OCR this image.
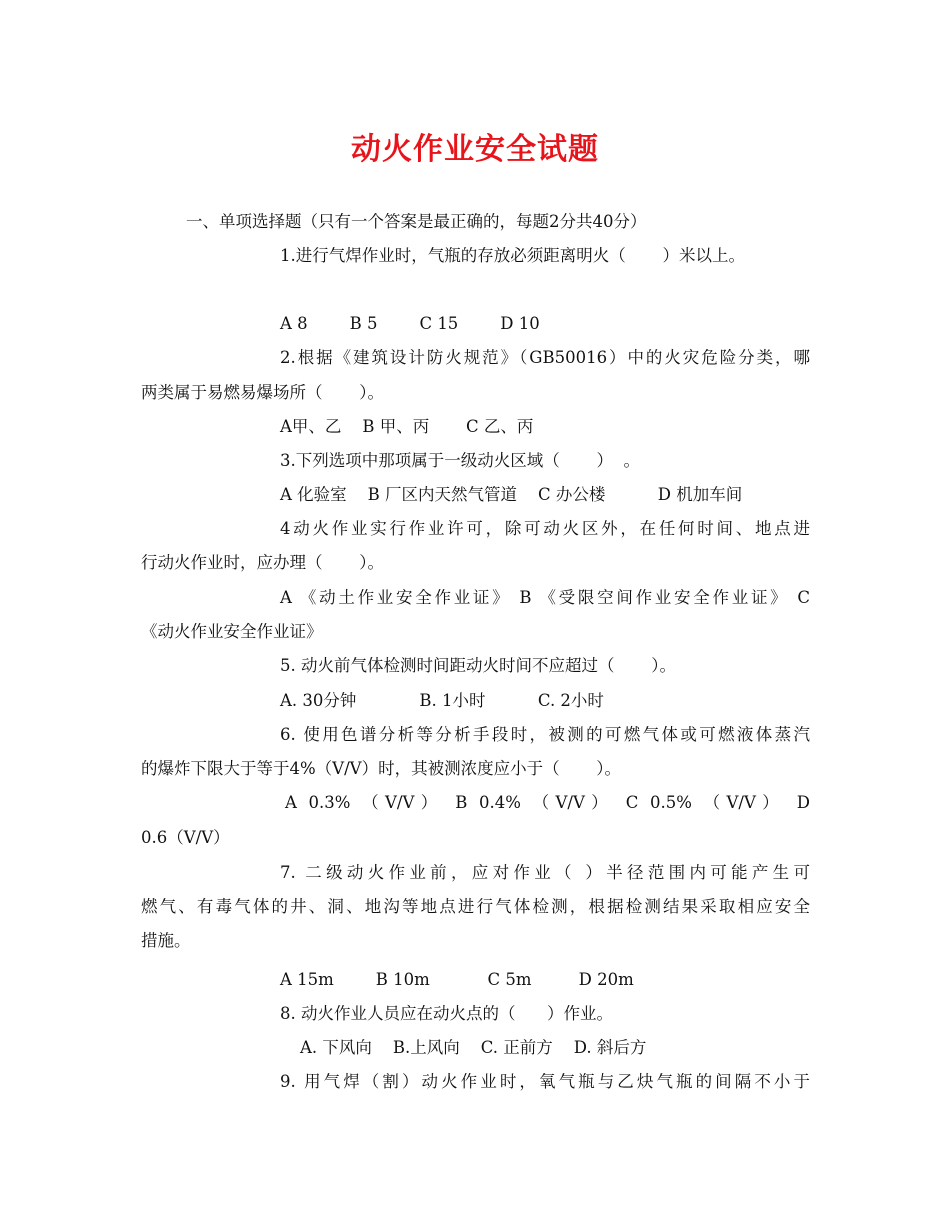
动火作业安全试题
一、单项选择题（只有一个答案是最正确的，每题2分共40分）
1.进行气焊作业时，气瓶的存放必须距离明火（       ）米以上。
A 8        B 5        C 15        D 10
2.根据《建筑设计防火规范》（GB50016）中的火灾危险分类，哪
两类属于易燃易爆场所（       ）。
A甲、乙    B 甲、丙       C 乙、丙
3.下列选项中那项属于一级动火区域（       ）  。
A 化验室    B 厂区内天然气管道    C 办公楼          D 机加车间
4动火作业实行作业许可，除可动火区外，在任何时间、地点进
行动火作业时，应办理（       ）。
A 《动土作业安全作业证》 B 《受限空间作业安全作业证》 C
《动火作业安全作业证》
5. 动火前气体检测时间距动火时间不应超过（       ）。
A. 30分钟            B. 1小时          C. 2小时
6. 使用色谱分析等分析手段时，被测的可燃气体或可燃液体蒸汽
的爆炸下限大于等于4%（V/V）时，其被测浓度应小于（       ）。
A 0.3% （V/V） B 0.4% （V/V） C 0.5% （V/V） D
0.6（V/V）
7. 二级动火作业前，应对作业（ ）半径范围内可能产生可
燃气、有毒气体的井、洞、地沟等地点进行气体检测，根据检测结果采取相应安全
措施。
A 15m        B 10m           C 5m         D 20m
8. 动火作业人员应在动火点的（      ）作业。
A. 下风向    B.上风向    C. 正前方    D. 斜后方
9. 用气焊（割）动火作业时，氧气瓶与乙炔气瓶的间隔不小于
